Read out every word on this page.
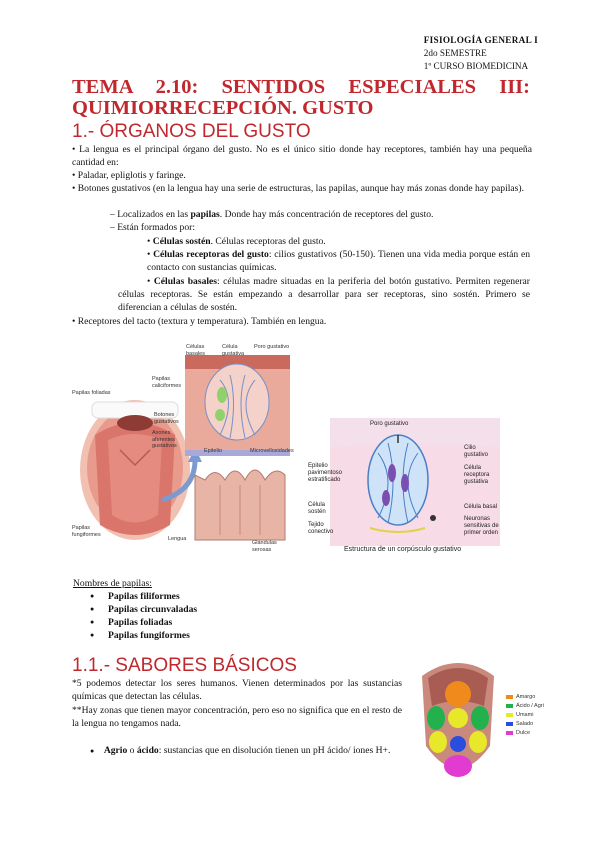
FISIOLOGÍA GENERAL I
2do SEMESTRE
1º CURSO BIOMEDICINA
TEMA 2.10: SENTIDOS ESPECIALES III:
QUIMIORRECEPCIÓN. GUSTO
1.- ÓRGANOS DEL GUSTO
• La lengua es el principal órgano del gusto. No es el único sitio donde hay receptores, también hay una pequeña cantidad en:
• Paladar, epliglotis y faringe.
• Botones gustativos (en la lengua hay una serie de estructuras, las papilas, aunque hay más zonas donde hay papilas).
– Localizados en las papilas. Donde hay más concentración de receptores del gusto.
– Están formados por:
• Células sostén. Células receptoras del gusto.
• Células receptoras del gusto: cilios gustativos (50-150). Tienen una vida media porque están en contacto con sustancias químicas.
• Células basales: células madre situadas en la periferia del botón gustativo. Permiten regenerar células receptoras. Se están empezando a desarrollar para ser receptoras, sino sostén. Primero se diferencian a células de sostén.
• Receptores del tacto (textura y temperatura). También en lengua.
Papilas foliadas
Papilas caliciformes
Papilas fungiformes
Lengua
Células basales
Célula gustativa
Poro gustativo
Axones aferentes gustativos
Botones gustativos
Epitelio	Microvellosidades
Glándulas serosas
Poro gustativo
Cilio gustativo
Célula receptora gustativa
Epitelio pavimentoso estratificado
Célula sostén
Tejido conectivo
Célula basal
Neuronas sensitivas de primer orden
Estructura de un corpúsculo gustativo
Nombres de papilas:
● Papilas filiformes
● Papilas circunvaladas
● Papilas foliadas
● Papilas fungiformes
1.1.- SABORES BÁSICOS
*5 podemos detectar los seres humanos. Vienen determinados por las sustancias químicas que detectan las células.
**Hay zonas que tienen mayor concentración, pero eso no significa que en el resto de la lengua no tengamos nada.
● Agrio o ácido: sustancias que en disolución tienen un pH ácido/ iones H+.
Amargo
Ácido / Agri
Umami
Salado
Dulce
